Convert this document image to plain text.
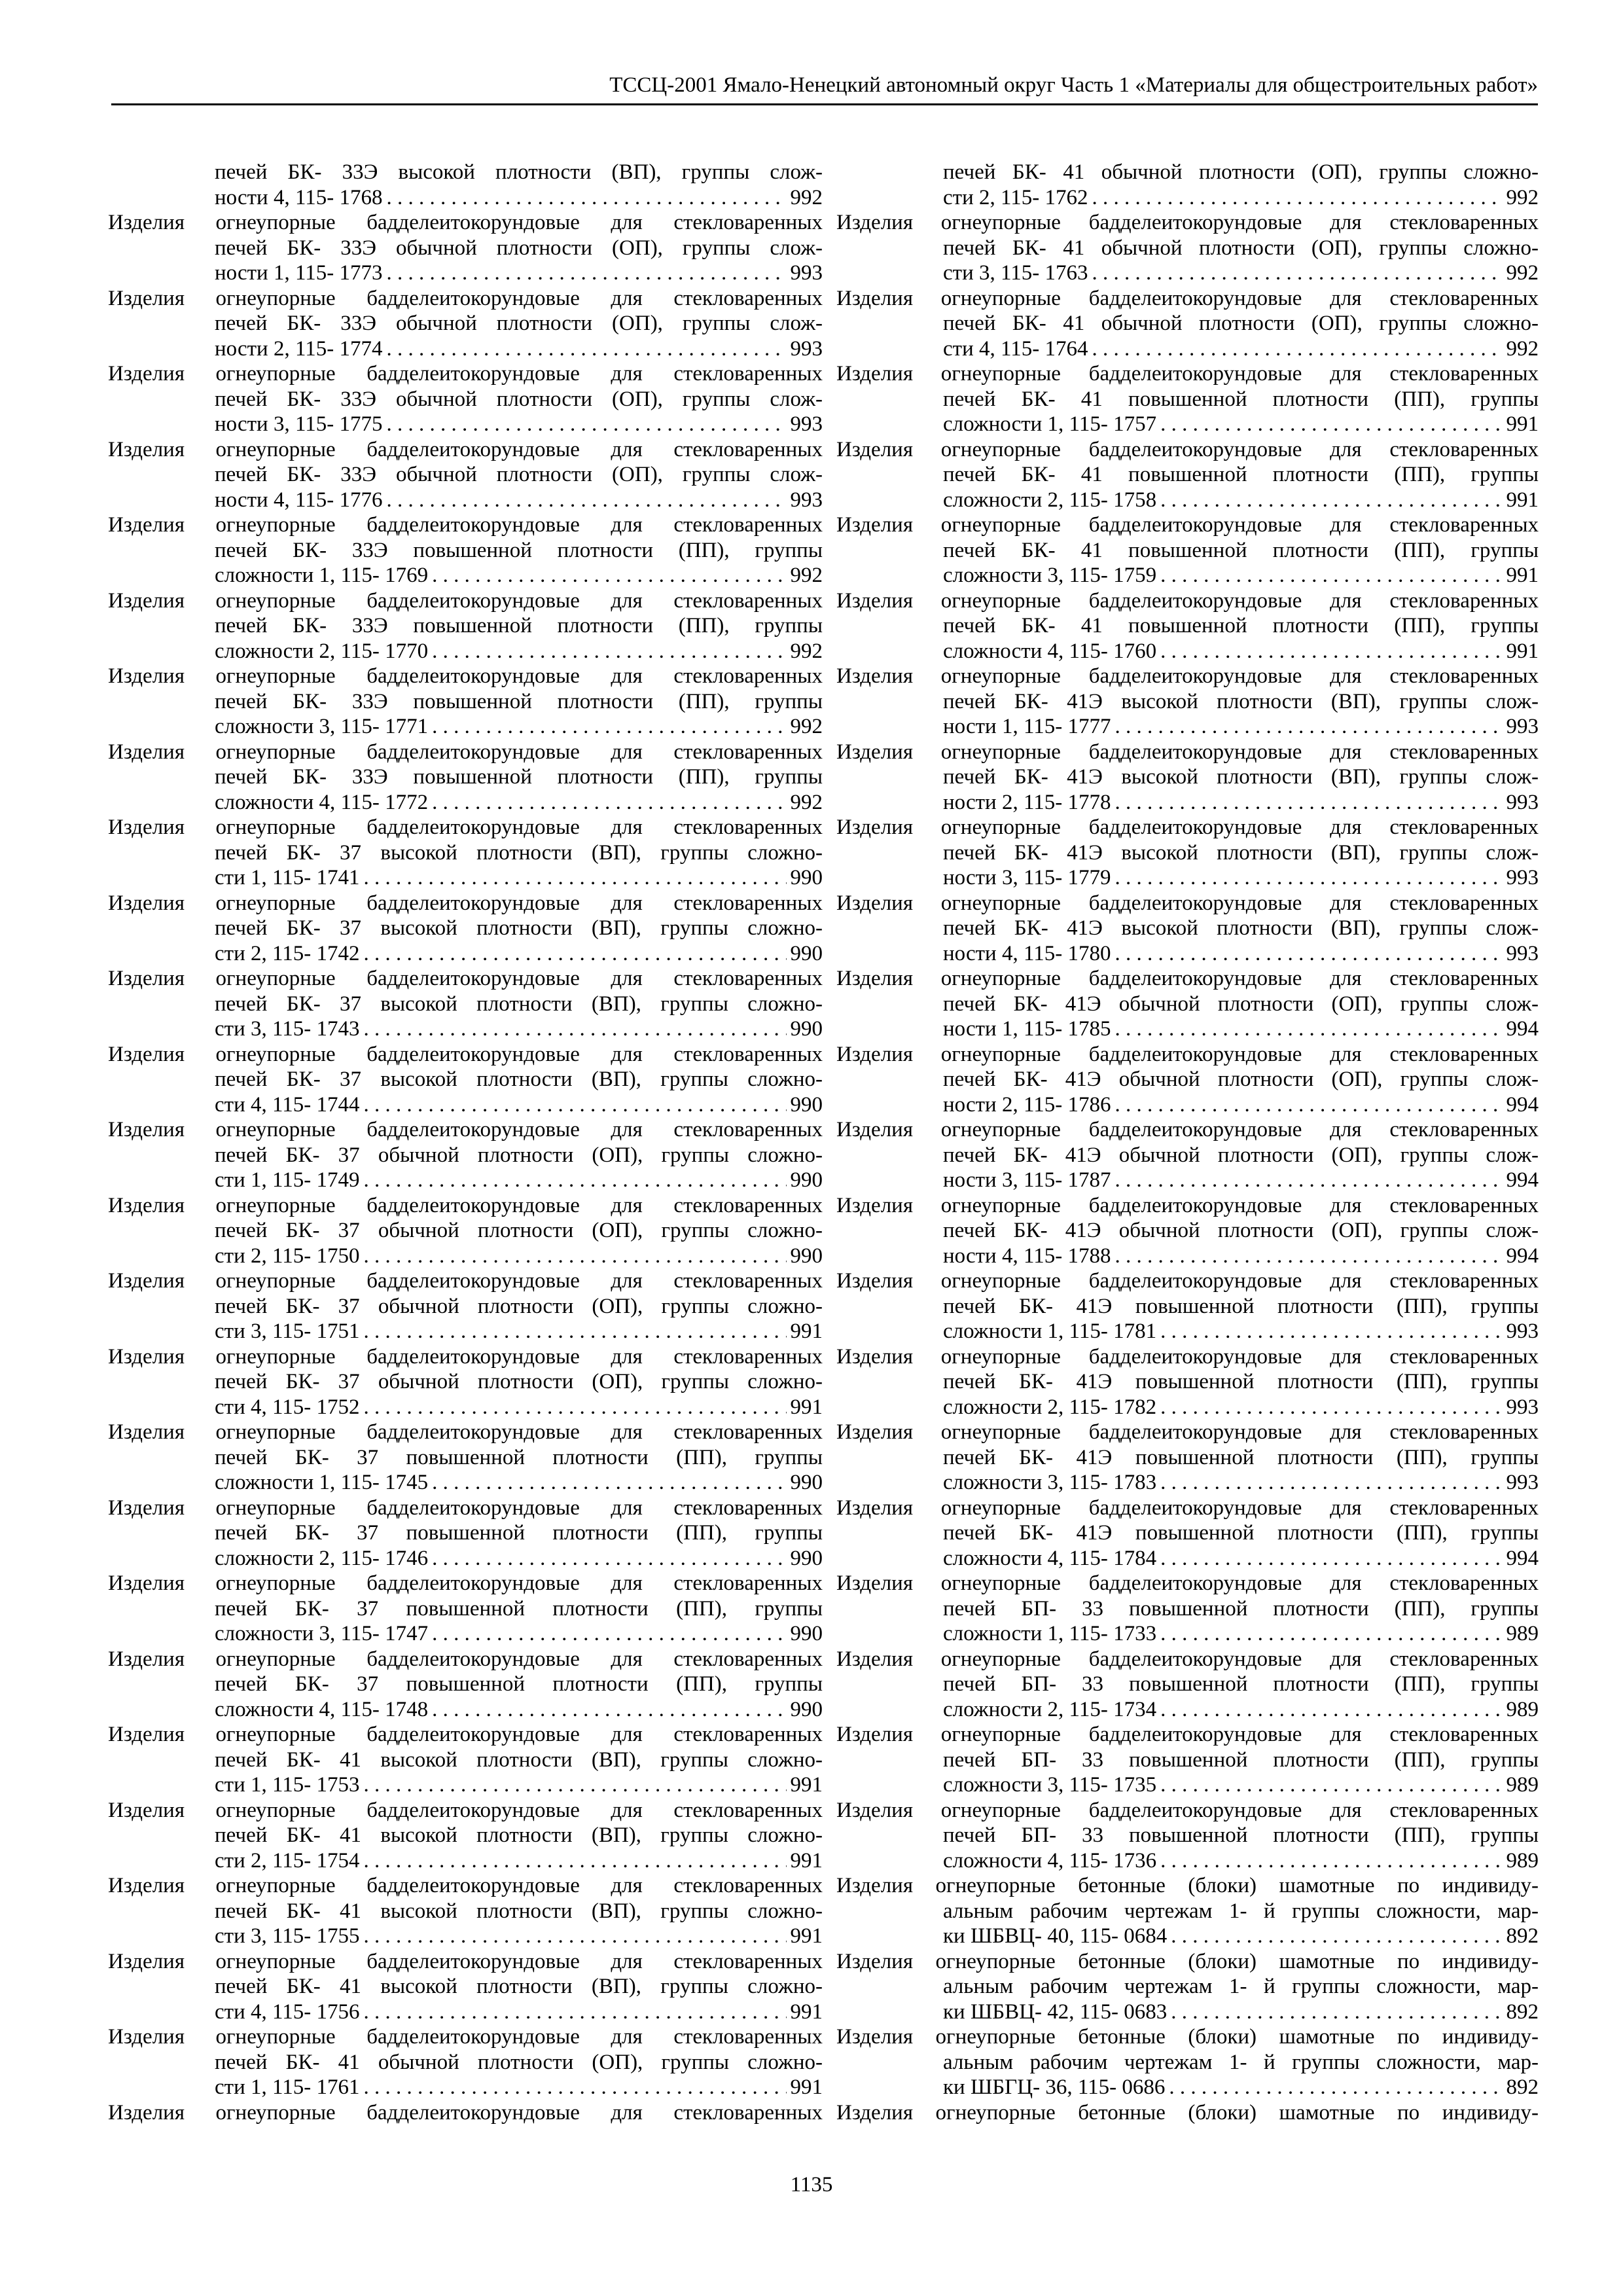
ТССЦ-2001 Ямало-Ненецкий автономный округ Часть 1 «Материалы для общестроительных работ»
печей БК- 33Э высокой плотности (ВП), группы слож-
ности 4, 115- 1768 . . .	992
Изделия огнеупорные бадделеитокорундовые для стекловаренных
печей БК- 33Э обычной плотности (ОП), группы слож-
ности 1, 115- 1773 . . .	993
Изделия огнеупорные бадделеитокорундовые для стекловаренных
печей БК- 33Э обычной плотности (ОП), группы слож-
ности 2, 115- 1774 . . .	993
Изделия огнеупорные бадделеитокорундовые для стекловаренных
печей БК- 33Э обычной плотности (ОП), группы слож-
ности 3, 115- 1775 . . .	993
Изделия огнеупорные бадделеитокорундовые для стекловаренных
печей БК- 33Э обычной плотности (ОП), группы слож-
ности 4, 115- 1776 . . .	993
Изделия огнеупорные бадделеитокорундовые для стекловаренных
печей БК- 33Э повышенной плотности (ПП), группы
сложности 1, 115- 1769 . . .	992
Изделия огнеупорные бадделеитокорундовые для стекловаренных
печей БК- 33Э повышенной плотности (ПП), группы
сложности 2, 115- 1770 . . .	992
Изделия огнеупорные бадделеитокорундовые для стекловаренных
печей БК- 33Э повышенной плотности (ПП), группы
сложности 3, 115- 1771 . . .	992
Изделия огнеупорные бадделеитокорундовые для стекловаренных
печей БК- 33Э повышенной плотности (ПП), группы
сложности 4, 115- 1772 . . .	992
Изделия огнеупорные бадделеитокорундовые для стекловаренных
печей БК- 37 высокой плотности (ВП), группы сложно-
сти 1, 115- 1741 . . .	990
Изделия огнеупорные бадделеитокорундовые для стекловаренных
печей БК- 37 высокой плотности (ВП), группы сложно-
сти 2, 115- 1742 . . .	990
Изделия огнеупорные бадделеитокорундовые для стекловаренных
печей БК- 37 высокой плотности (ВП), группы сложно-
сти 3, 115- 1743 . . .	990
Изделия огнеупорные бадделеитокорундовые для стекловаренных
печей БК- 37 высокой плотности (ВП), группы сложно-
сти 4, 115- 1744 . . .	990
Изделия огнеупорные бадделеитокорундовые для стекловаренных
печей БК- 37 обычной плотности (ОП), группы сложно-
сти 1, 115- 1749 . . .	990
Изделия огнеупорные бадделеитокорундовые для стекловаренных
печей БК- 37 обычной плотности (ОП), группы сложно-
сти 2, 115- 1750 . . .	990
Изделия огнеупорные бадделеитокорундовые для стекловаренных
печей БК- 37 обычной плотности (ОП), группы сложно-
сти 3, 115- 1751 . . .	991
Изделия огнеупорные бадделеитокорундовые для стекловаренных
печей БК- 37 обычной плотности (ОП), группы сложно-
сти 4, 115- 1752 . . .	991
Изделия огнеупорные бадделеитокорундовые для стекловаренных
печей БК- 37 повышенной плотности (ПП), группы
сложности 1, 115- 1745 . . .	990
Изделия огнеупорные бадделеитокорундовые для стекловаренных
печей БК- 37 повышенной плотности (ПП), группы
сложности 2, 115- 1746 . . .	990
Изделия огнеупорные бадделеитокорундовые для стекловаренных
печей БК- 37 повышенной плотности (ПП), группы
сложности 3, 115- 1747 . . .	990
Изделия огнеупорные бадделеитокорундовые для стекловаренных
печей БК- 37 повышенной плотности (ПП), группы
сложности 4, 115- 1748 . . .	990
Изделия огнеупорные бадделеитокорундовые для стекловаренных
печей БК- 41 высокой плотности (ВП), группы сложно-
сти 1, 115- 1753 . . .	991
Изделия огнеупорные бадделеитокорундовые для стекловаренных
печей БК- 41 высокой плотности (ВП), группы сложно-
сти 2, 115- 1754 . . .	991
Изделия огнеупорные бадделеитокорундовые для стекловаренных
печей БК- 41 высокой плотности (ВП), группы сложно-
сти 3, 115- 1755 . . .	991
Изделия огнеупорные бадделеитокорундовые для стекловаренных
печей БК- 41 высокой плотности (ВП), группы сложно-
сти 4, 115- 1756 . . .	991
Изделия огнеупорные бадделеитокорундовые для стекловаренных
печей БК- 41 обычной плотности (ОП), группы сложно-
сти 1, 115- 1761 . . .	991
Изделия огнеупорные бадделеитокорундовые для стекловаренных
печей БК- 41 обычной плотности (ОП), группы сложно-
сти 2, 115- 1762 . . .	992
Изделия огнеупорные бадделеитокорундовые для стекловаренных
печей БК- 41 обычной плотности (ОП), группы сложно-
сти 3, 115- 1763 . . .	992
Изделия огнеупорные бадделеитокорундовые для стекловаренных
печей БК- 41 обычной плотности (ОП), группы сложно-
сти 4, 115- 1764 . . .	992
Изделия огнеупорные бадделеитокорундовые для стекловаренных
печей БК- 41 повышенной плотности (ПП), группы
сложности 1, 115- 1757 . . .	991
Изделия огнеупорные бадделеитокорундовые для стекловаренных
печей БК- 41 повышенной плотности (ПП), группы
сложности 2, 115- 1758 . . .	991
Изделия огнеупорные бадделеитокорундовые для стекловаренных
печей БК- 41 повышенной плотности (ПП), группы
сложности 3, 115- 1759 . . .	991
Изделия огнеупорные бадделеитокорундовые для стекловаренных
печей БК- 41 повышенной плотности (ПП), группы
сложности 4, 115- 1760 . . .	991
Изделия огнеупорные бадделеитокорундовые для стекловаренных
печей БК- 41Э высокой плотности (ВП), группы слож-
ности 1, 115- 1777 . . .	993
Изделия огнеупорные бадделеитокорундовые для стекловаренных
печей БК- 41Э высокой плотности (ВП), группы слож-
ности 2, 115- 1778 . . .	993
Изделия огнеупорные бадделеитокорундовые для стекловаренных
печей БК- 41Э высокой плотности (ВП), группы слож-
ности 3, 115- 1779 . . .	993
Изделия огнеупорные бадделеитокорундовые для стекловаренных
печей БК- 41Э высокой плотности (ВП), группы слож-
ности 4, 115- 1780 . . .	993
Изделия огнеупорные бадделеитокорундовые для стекловаренных
печей БК- 41Э обычной плотности (ОП), группы слож-
ности 1, 115- 1785 . . .	994
Изделия огнеупорные бадделеитокорундовые для стекловаренных
печей БК- 41Э обычной плотности (ОП), группы слож-
ности 2, 115- 1786 . . .	994
Изделия огнеупорные бадделеитокорундовые для стекловаренных
печей БК- 41Э обычной плотности (ОП), группы слож-
ности 3, 115- 1787 . . .	994
Изделия огнеупорные бадделеитокорундовые для стекловаренных
печей БК- 41Э обычной плотности (ОП), группы слож-
ности 4, 115- 1788 . . .	994
Изделия огнеупорные бадделеитокорундовые для стекловаренных
печей БК- 41Э повышенной плотности (ПП), группы
сложности 1, 115- 1781 . . .	993
Изделия огнеупорные бадделеитокорундовые для стекловаренных
печей БК- 41Э повышенной плотности (ПП), группы
сложности 2, 115- 1782 . . .	993
Изделия огнеупорные бадделеитокорундовые для стекловаренных
печей БК- 41Э повышенной плотности (ПП), группы
сложности 3, 115- 1783 . . .	993
Изделия огнеупорные бадделеитокорундовые для стекловаренных
печей БК- 41Э повышенной плотности (ПП), группы
сложности 4, 115- 1784 . . .	994
Изделия огнеупорные бадделеитокорундовые для стекловаренных
печей БП- 33 повышенной плотности (ПП), группы
сложности 1, 115- 1733 . . .	989
Изделия огнеупорные бадделеитокорундовые для стекловаренных
печей БП- 33 повышенной плотности (ПП), группы
сложности 2, 115- 1734 . . .	989
Изделия огнеупорные бадделеитокорундовые для стекловаренных
печей БП- 33 повышенной плотности (ПП), группы
сложности 3, 115- 1735 . . .	989
Изделия огнеупорные бадделеитокорундовые для стекловаренных
печей БП- 33 повышенной плотности (ПП), группы
сложности 4, 115- 1736 . . .	989
Изделия огнеупорные бетонные (блоки) шамотные по индивиду-
альным рабочим чертежам 1- й группы сложности, мар-
ки ШБВЦ- 40, 115- 0684 . . .	892
Изделия огнеупорные бетонные (блоки) шамотные по индивиду-
альным рабочим чертежам 1- й группы сложности, мар-
ки ШБВЦ- 42, 115- 0683 . . .	892
Изделия огнеупорные бетонные (блоки) шамотные по индивиду-
альным рабочим чертежам 1- й группы сложности, мар-
ки ШБГЦ- 36, 115- 0686 . . .	892
Изделия огнеупорные бетонные (блоки) шамотные по индивиду-
1135
